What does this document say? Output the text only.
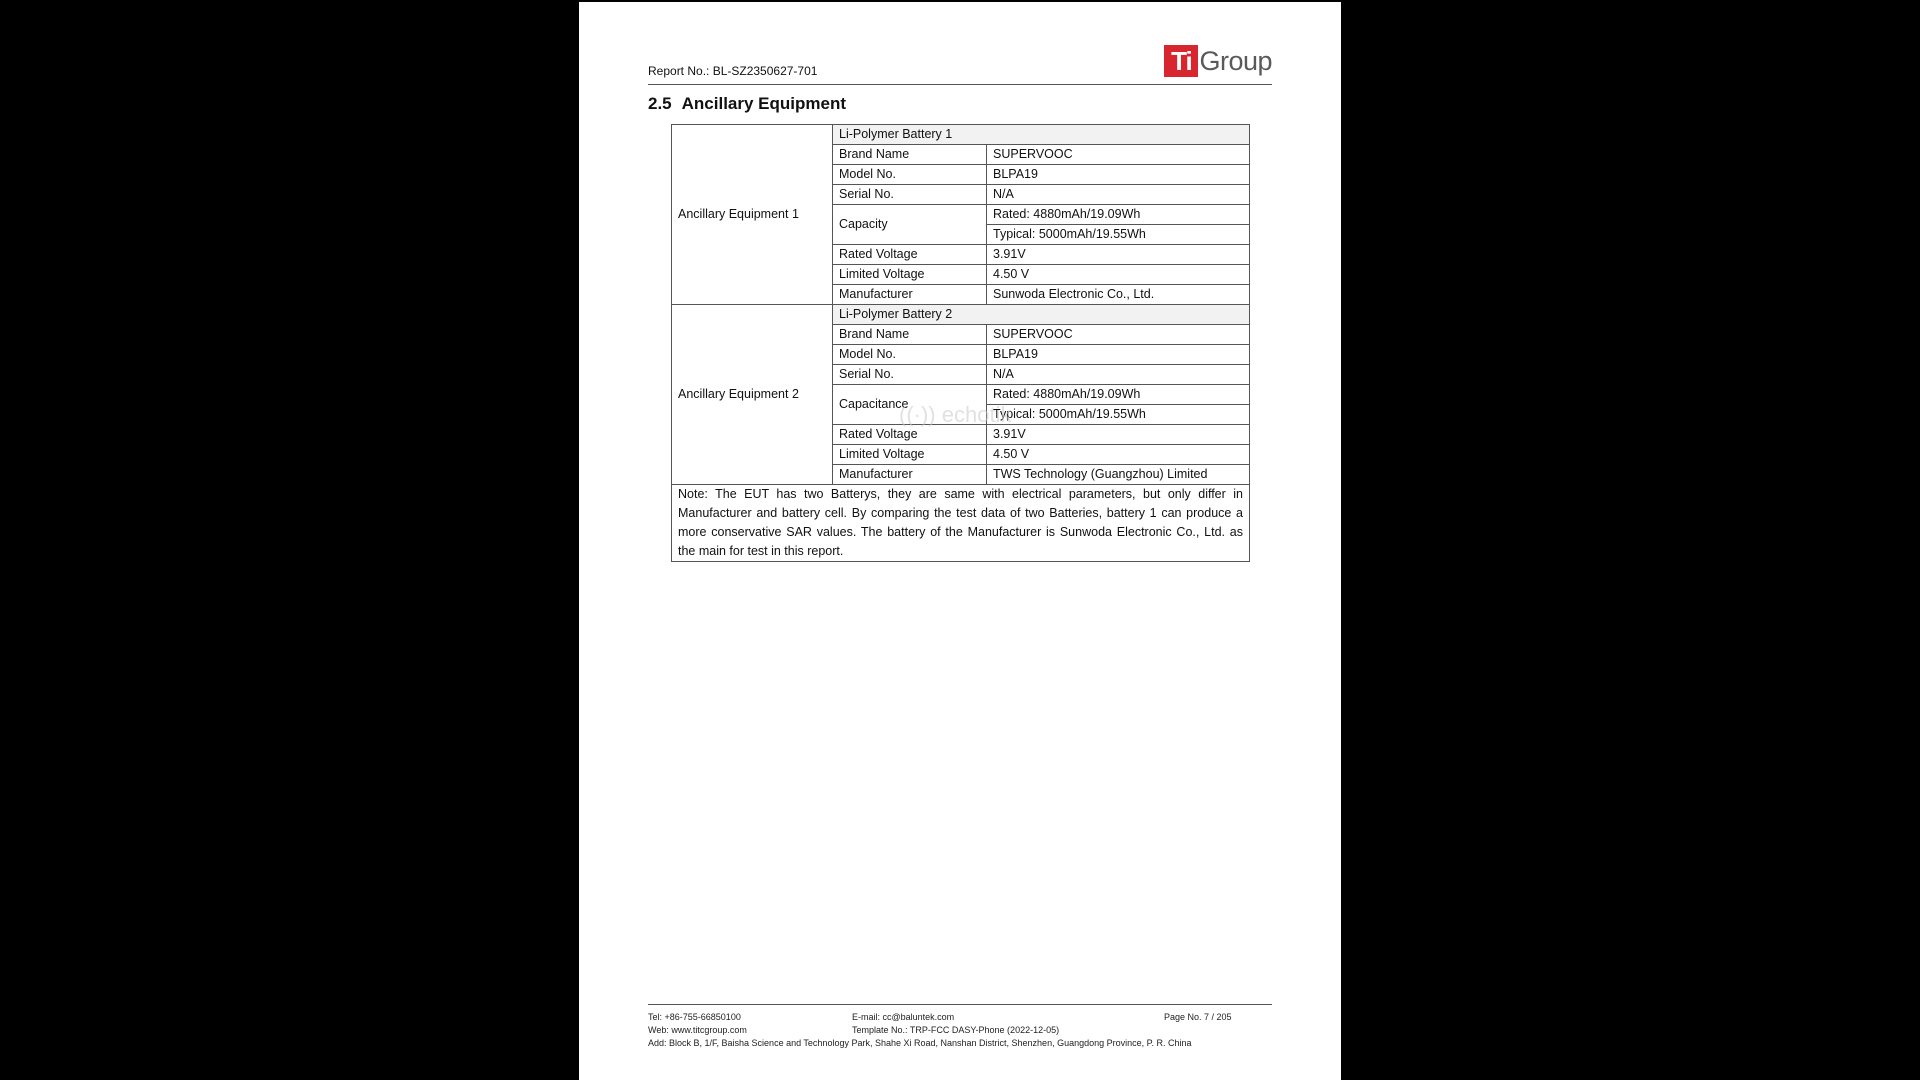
Report No.: BL-SZ2350627-701	Ti Group
2.5 Ancillary Equipment
Ancillary Equipment 1	Li-Polymer Battery 1	
	Brand Name	SUPERVOOC
	Model No.	BLPA19
	Serial No.	N/A
	Capacity	Rated: 4880mAh/19.09Wh
		Typical: 5000mAh/19.55Wh
	Rated Voltage	3.91V
	Limited Voltage	4.50 V
	Manufacturer	Sunwoda Electronic Co., Ltd.
Ancillary Equipment 2	Li-Polymer Battery 2	
	Brand Name	SUPERVOOC
	Model No.	BLPA19
	Serial No.	N/A
	Capacitance	Rated: 4880mAh/19.09Wh
		Typical: 5000mAh/19.55Wh
	Rated Voltage	3.91V
	Limited Voltage	4.50 V
	Manufacturer	TWS Technology (Guangzhou) Limited
Note: The EUT has two Batterys, they are same with electrical parameters, but only differ in Manufacturer and battery cell. By comparing the test data of two Batteries, battery 1 can produce a more conservative SAR values. The battery of the Manufacturer is Sunwoda Electronic Co., Ltd. as the main for test in this report.		
((·)) echotik
Tel: +86-755-66850100	E-mail: cc@baluntek.com	Page No. 7 / 205
Web: www.titcgroup.com	Template No.: TRP-FCC DASY-Phone (2022-12-05)
Add: Block B, 1/F, Baisha Science and Technology Park, Shahe Xi Road, Nanshan District, Shenzhen, Guangdong Province, P. R. China
